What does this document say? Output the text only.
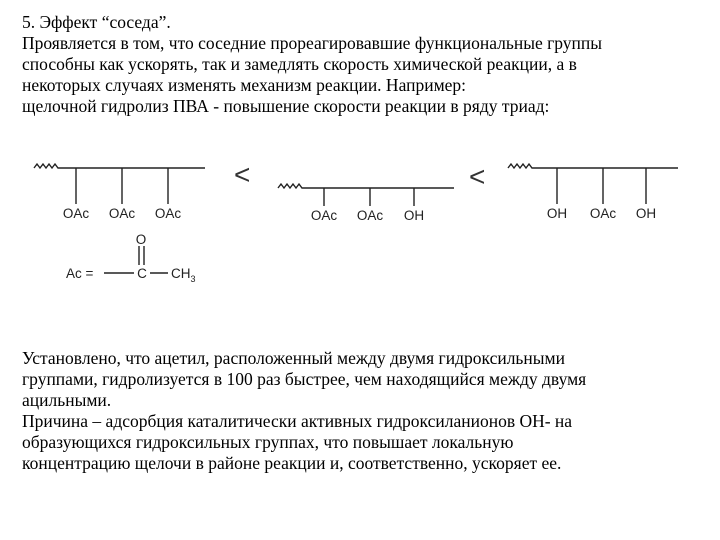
5. Эффект “соседа”.
Проявляется в том, что соседние прореагировавшие функциональные группы
способны как ускорять, так и замедлять скорость химической реакции, а в
некоторых случаях изменять механизм реакции. Например:
щелочной гидролиз ПВА - повышение скорости реакции в ряду триад:
<	<
OAc OAc OAc	OAc OAc OH	OH OAc OH
Ac =
O
C $CH_3$
Установлено, что ацетил, расположенный между двумя гидроксильными
группами, гидролизуется в 100 раз быстрее, чем находящийся между двумя
ацильными.
Причина – адсорбция каталитически активных гидроксиланионов ОН- на
образующихся гидроксильных группах, что повышает локальную
концентрацию щелочи в районе реакции и, соответственно, ускоряет ее.
